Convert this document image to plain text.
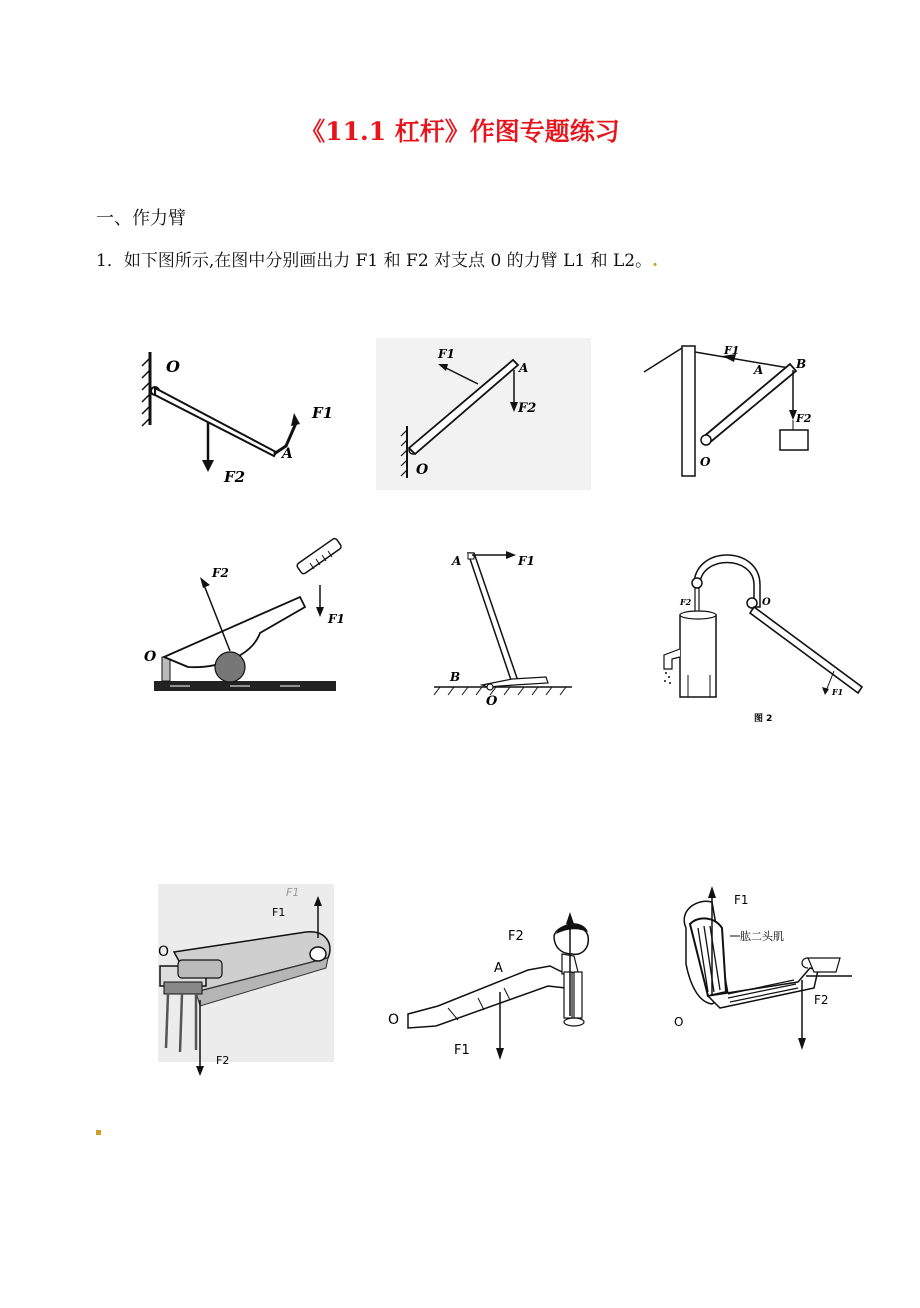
《11.1 杠杆》作图专题练习
一、作力臂
1．如下图所示,在图中分别画出力 F1 和 F2 对支点 0 的力臂 L1 和 L2。.
O
F1
F2
A
F1
A
F2
O
F1
A	B
F2
O
F2
F1
O
A	F1
B
O
F2	O
F1
图 2
F1
F1
O
F2
F2
A
O
F1
F1
肱二头肌
O
F2
